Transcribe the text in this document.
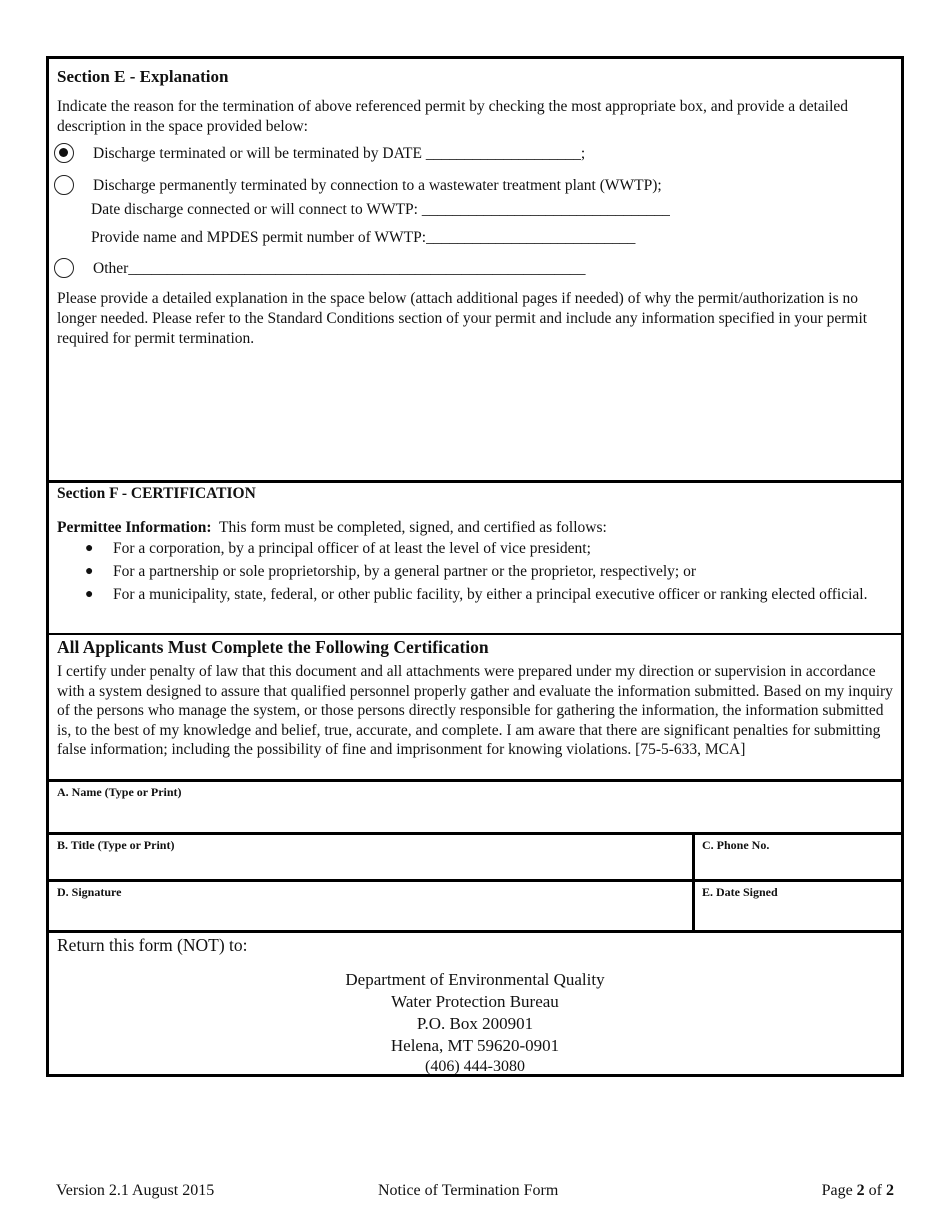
Section E - Explanation
Indicate the reason for the termination of above referenced permit by checking the most appropriate box, and provide a detailed description in the space provided below:
Discharge terminated or will be terminated by DATE ____________________;
Discharge permanently terminated by connection to a wastewater treatment plant (WWTP);
Date discharge connected or will connect to WWTP: ________________________________
Provide name and MPDES permit number of WWTP:___________________________
Other___________________________________________________________
Please provide a detailed explanation in the space below (attach additional pages if needed) of why the permit/authorization is no longer needed. Please refer to the Standard Conditions section of your permit and include any information specified in your permit required for permit termination.
Section F - CERTIFICATION
Permittee Information:  This form must be completed, signed, and certified as follows:
● For a corporation, by a principal officer of at least the level of vice president;
● For a partnership or sole proprietorship, by a general partner or the proprietor, respectively; or
● For a municipality, state, federal, or other public facility, by either a principal executive officer or ranking elected official.
All Applicants Must Complete the Following Certification
I certify under penalty of law that this document and all attachments were prepared under my direction or supervision in accordance with a system designed to assure that qualified personnel properly gather and evaluate the information submitted. Based on my inquiry of the persons who manage the system, or those persons directly responsible for gathering the information, the information submitted is, to the best of my knowledge and belief, true, accurate, and complete. I am aware that there are significant penalties for submitting false information; including the possibility of fine and imprisonment for knowing violations. [75-5-633, MCA]
A. Name (Type or Print)
B. Title (Type or Print)	C. Phone No.
D. Signature	E. Date Signed
Return this form (NOT) to:
Department of Environmental Quality
Water Protection Bureau
P.O. Box 200901
Helena, MT 59620-0901
(406) 444-3080
Version 2.1 August 2015	Notice of Termination Form	Page 2 of 2
